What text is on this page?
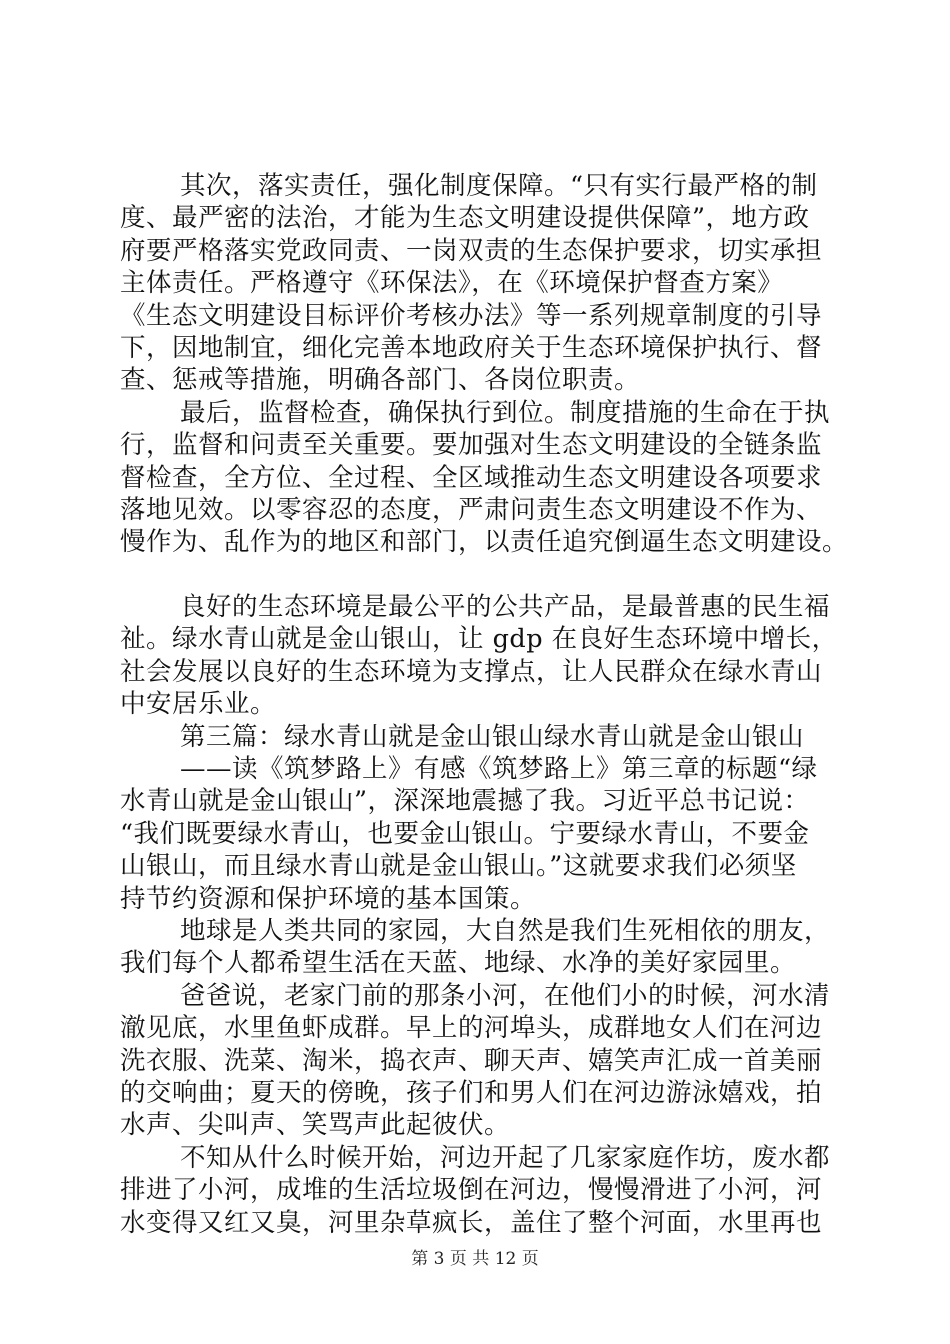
其次，落实责任，强化制度保障。“只有实行最严格的制
度、最严密的法治，才能为生态文明建设提供保障”，地方政
府要严格落实党政同责、一岗双责的生态保护要求，切实承担
主体责任。严格遵守《环保法》，在《环境保护督查方案》
《生态文明建设目标评价考核办法》等一系列规章制度的引导
下，因地制宜，细化完善本地政府关于生态环境保护执行、督
查、惩戒等措施，明确各部门、各岗位职责。
最后，监督检查，确保执行到位。制度措施的生命在于执
行，监督和问责至关重要。要加强对生态文明建设的全链条监
督检查，全方位、全过程、全区域推动生态文明建设各项要求
落地见效。以零容忍的态度，严肃问责生态文明建设不作为、
慢作为、乱作为的地区和部门，以责任追究倒逼生态文明建设。
良好的生态环境是最公平的公共产品，是最普惠的民生福
祉。绿水青山就是金山银山，让 gdp 在良好生态环境中增长，
社会发展以良好的生态环境为支撑点，让人民群众在绿水青山
中安居乐业。
第三篇：绿水青山就是金山银山绿水青山就是金山银山
——读《筑梦路上》有感《筑梦路上》第三章的标题“绿
水青山就是金山银山”，深深地震撼了我。习近平总书记说：
“我们既要绿水青山，也要金山银山。宁要绿水青山，不要金
山银山，而且绿水青山就是金山银山。”这就要求我们必须坚
持节约资源和保护环境的基本国策。
地球是人类共同的家园，大自然是我们生死相依的朋友，
我们每个人都希望生活在天蓝、地绿、水净的美好家园里。
爸爸说，老家门前的那条小河，在他们小的时候，河水清
澈见底，水里鱼虾成群。早上的河埠头，成群地女人们在河边
洗衣服、洗菜、淘米，捣衣声、聊天声、嬉笑声汇成一首美丽
的交响曲；夏天的傍晚，孩子们和男人们在河边游泳嬉戏，拍
水声、尖叫声、笑骂声此起彼伏。
不知从什么时候开始，河边开起了几家家庭作坊，废水都
排进了小河，成堆的生活垃圾倒在河边，慢慢滑进了小河，河
水变得又红又臭，河里杂草疯长，盖住了整个河面，水里再也
第 3 页 共 12 页
